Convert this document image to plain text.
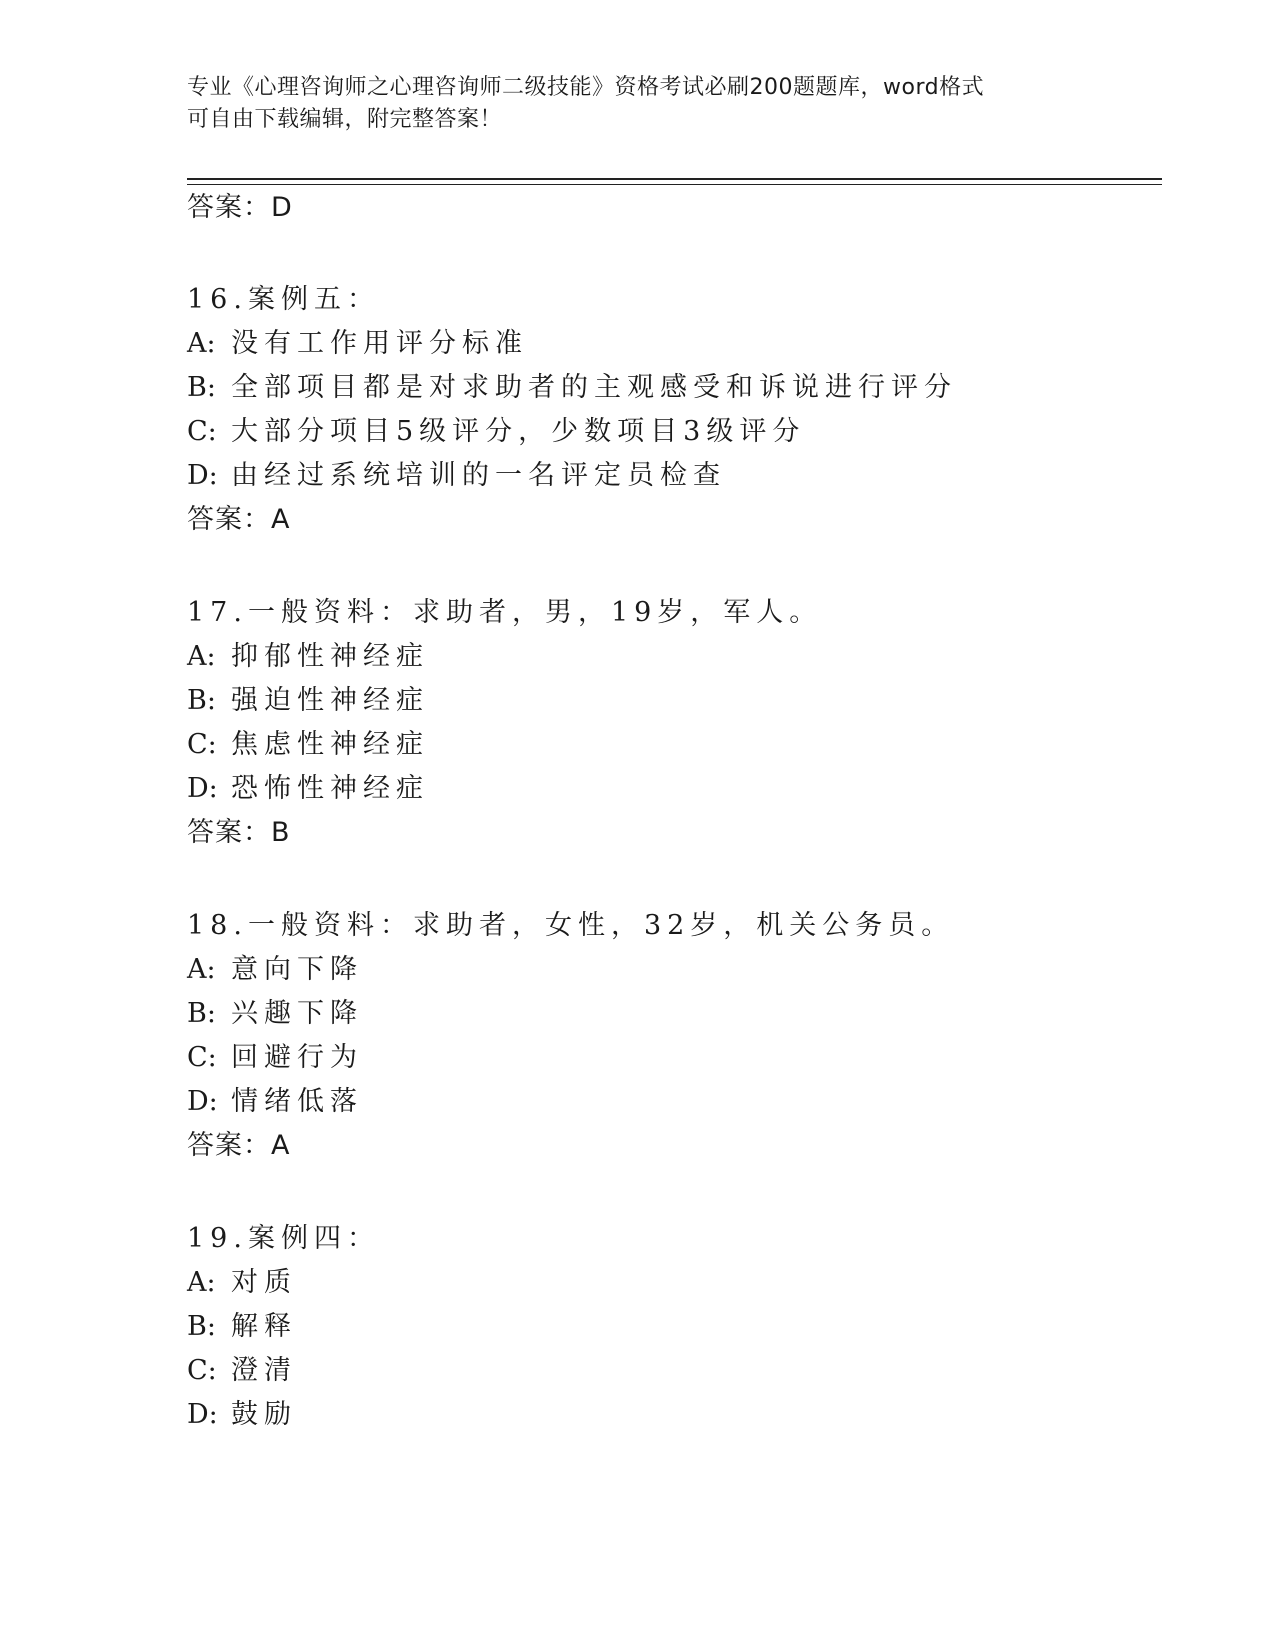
专业《心理咨询师之心理咨询师二级技能》资格考试必刷200题题库，word格式
可自由下载编辑，附完整答案！
答案：D
16.案例五：
A: 没有工作用评分标准
B: 全部项目都是对求助者的主观感受和诉说进行评分
C: 大部分项目5级评分，少数项目3级评分
D: 由经过系统培训的一名评定员检查
答案：A
17.一般资料：求助者，男，19岁，军人。
A: 抑郁性神经症
B: 强迫性神经症
C: 焦虑性神经症
D: 恐怖性神经症
答案：B
18.一般资料：求助者，女性，32岁，机关公务员。
A: 意向下降
B: 兴趣下降
C: 回避行为
D: 情绪低落
答案：A
19.案例四：
A: 对质
B: 解释
C: 澄清
D: 鼓励
